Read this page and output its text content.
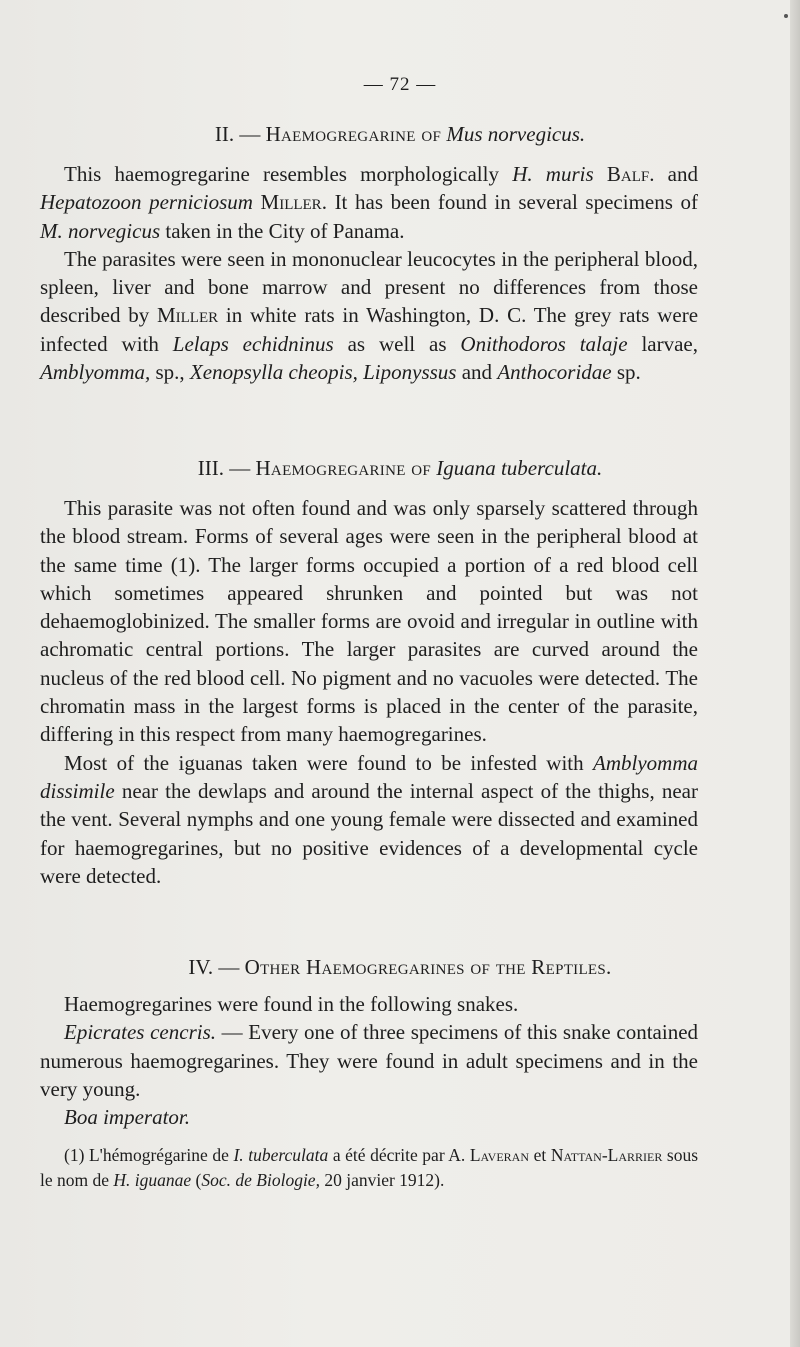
— 72 —
II. — Haemogregarine of Mus norvegicus.

This haemogregarine resembles morphologically H. muris Balf. and Hepatozoon perniciosum Miller. It has been found in several specimens of M. norvegicus taken in the City of Panama.

The parasites were seen in mononuclear leucocytes in the peripheral blood, spleen, liver and bone marrow and present no differences from those described by Miller in white rats in Washington, D. C. The grey rats were infected with Lelaps echidninus as well as Onithodoros talaje larvae, Amblyomma, sp., Xenopsylla cheopis, Liponyssus and Anthocoridae sp.

III. — Haemogregarine of Iguana tuberculata.

This parasite was not often found and was only sparsely scattered through the blood stream. Forms of several ages were seen in the peripheral blood at the same time (1). The larger forms occupied a portion of a red blood cell which sometimes appeared shrunken and pointed but was not dehaemoglobinized. The smaller forms are ovoid and irregular in outline with achromatic central portions. The larger parasites are curved around the nucleus of the red blood cell. No pigment and no vacuoles were detected. The chromatin mass in the largest forms is placed in the center of the parasite, differing in this respect from many haemogregarines.

Most of the iguanas taken were found to be infested with Amblyomma dissimile near the dewlaps and around the internal aspect of the thighs, near the vent. Several nymphs and one young female were dissected and examined for haemogregarines, but no positive evidences of a developmental cycle were detected.

IV. — Other Haemogregarines of the Reptiles.

Haemogregarines were found in the following snakes.

Epicrates cencris. — Every one of three specimens of this snake contained numerous haemogregarines. They were found in adult specimens and in the very young.

Boa imperator.

(1) L'hémogrégarine de I. tuberculata a été décrite par A. Laveran et Nattan-Larrier sous le nom de H. iguanae (Soc. de Biologie, 20 janvier 1912).
